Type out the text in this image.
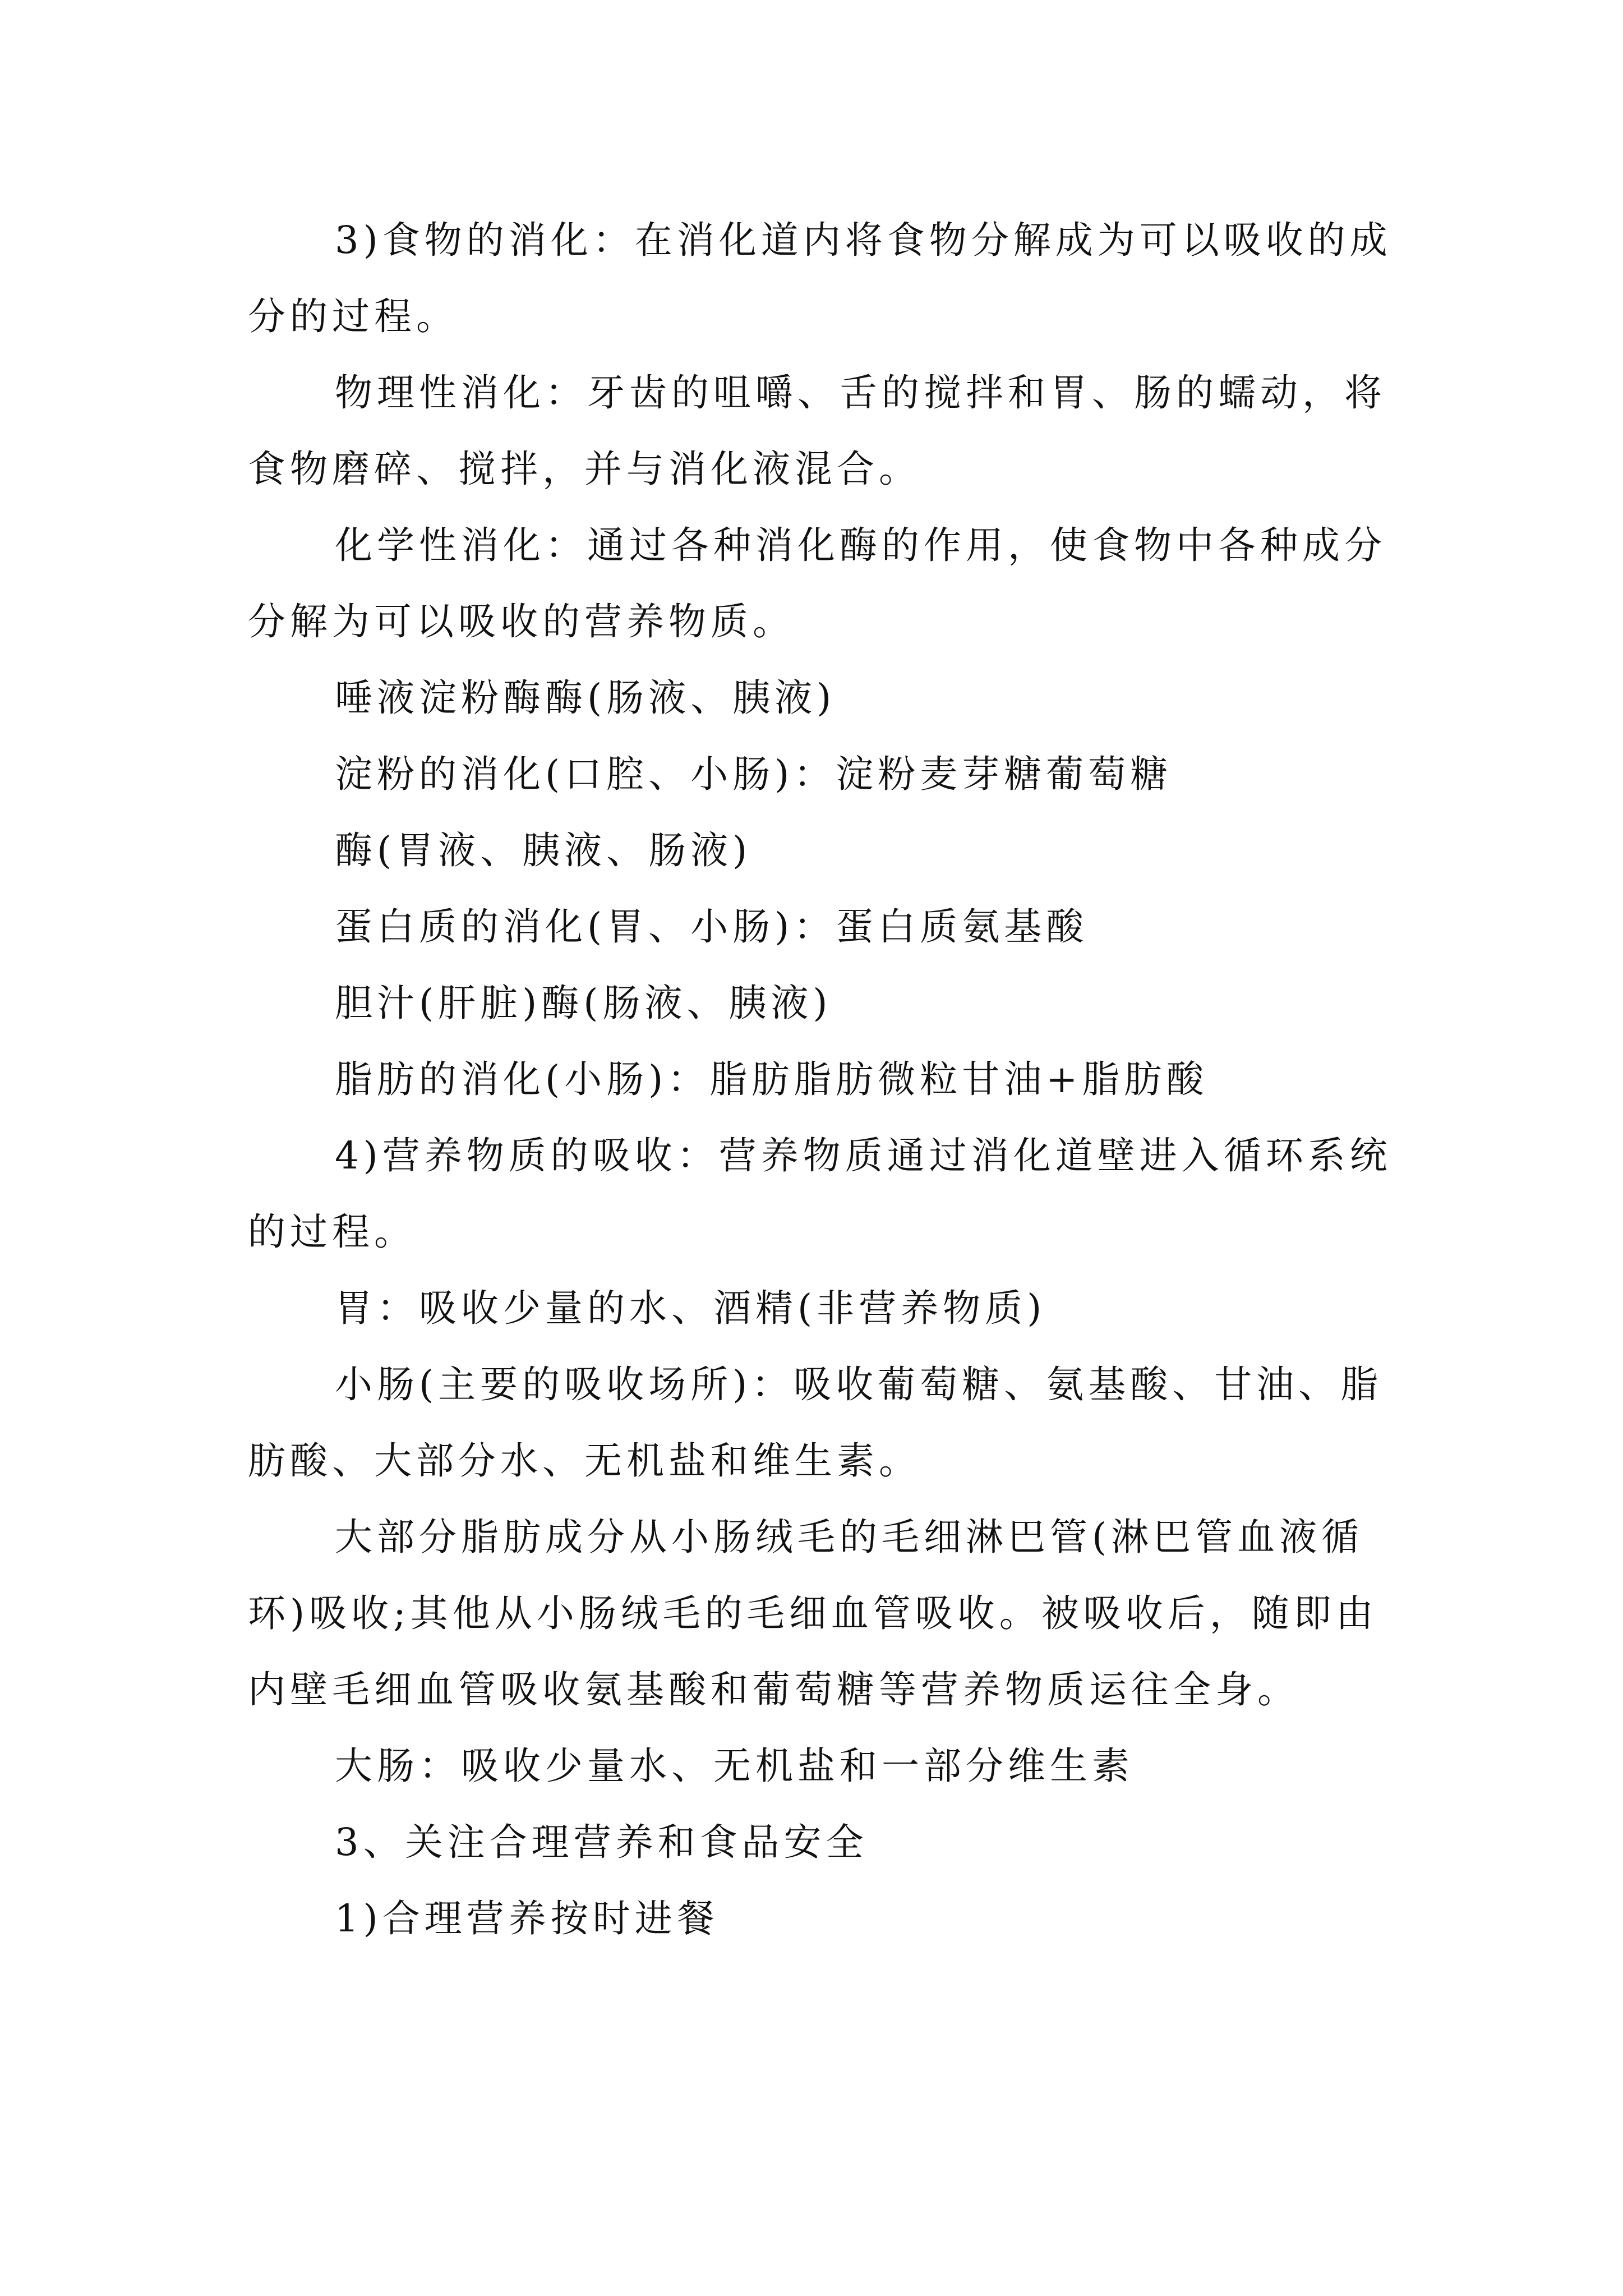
3)食物的消化：在消化道内将食物分解成为可以吸收的成分的过程。

物理性消化：牙齿的咀嚼、舌的搅拌和胃、肠的蠕动，将食物磨碎、搅拌，并与消化液混合。

化学性消化：通过各种消化酶的作用，使食物中各种成分分解为可以吸收的营养物质。

唾液淀粉酶酶(肠液、胰液)

淀粉的消化(口腔、小肠)：淀粉麦芽糖葡萄糖

酶(胃液、胰液、肠液)

蛋白质的消化(胃、小肠)：蛋白质氨基酸

胆汁(肝脏)酶(肠液、胰液)

脂肪的消化(小肠)：脂肪脂肪微粒甘油+脂肪酸

4)营养物质的吸收：营养物质通过消化道壁进入循环系统的过程。

胃：吸收少量的水、酒精(非营养物质)

小肠(主要的吸收场所)：吸收葡萄糖、氨基酸、甘油、脂肪酸、大部分水、无机盐和维生素。

大部分脂肪成分从小肠绒毛的毛细淋巴管(淋巴管血液循环)吸收;其他从小肠绒毛的毛细血管吸收。被吸收后，随即由内壁毛细血管吸收氨基酸和葡萄糖等营养物质运往全身。

大肠：吸收少量水、无机盐和一部分维生素

3、关注合理营养和食品安全

1)合理营养按时进餐
